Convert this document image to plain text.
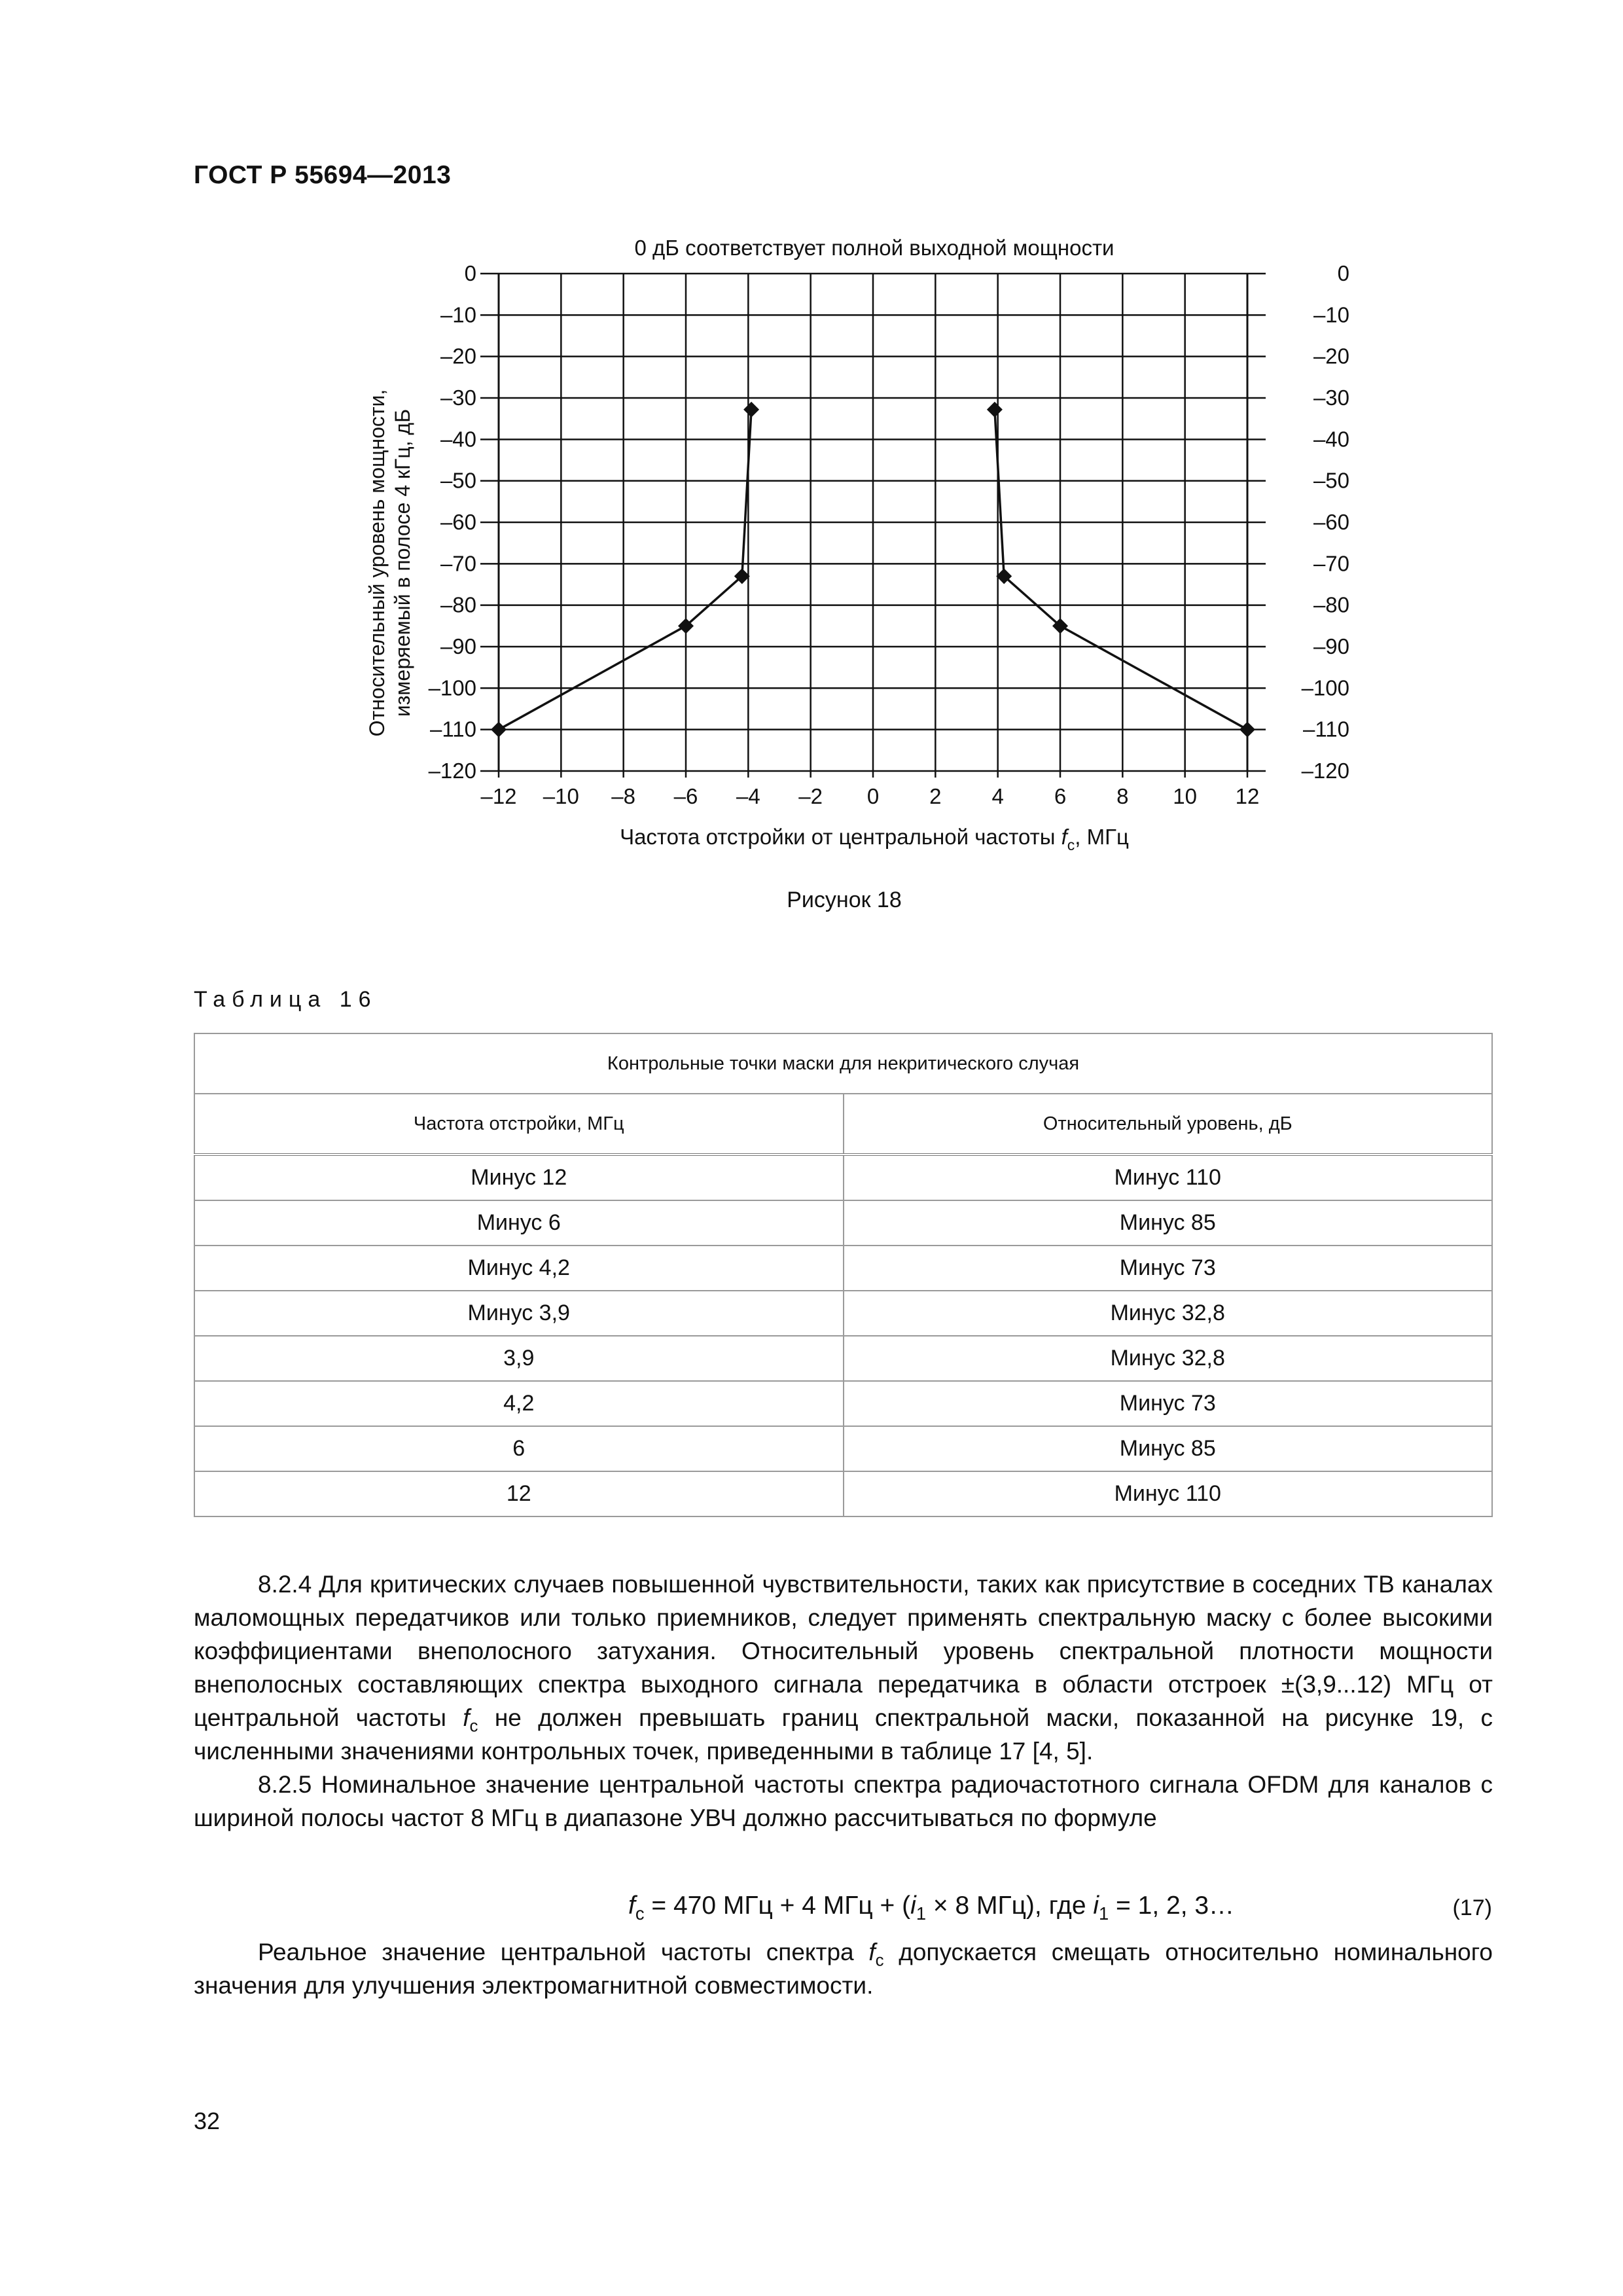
ГОСТ Р 55694—2013
0 дБ соответствует полной выходной мощности
0
–10
–20
–30
–40
–50
–60
–70
–80
–90
–100
–110
–120
0
–10
–20
–30
–40
–50
–60
–70
–80
–90
–100
–110
–120
–12 –10 –8 –6 –4 –2 0 2 4 6 8 10 12
Относительный уровень мощности, измеряемый в полосе 4 кГц, дБ
Частота отстройки от центральной частоты $f_c$, МГц
Рисунок 18
Таблица 16
Контрольные точки маски для некритического случая	
Частота отстройки, МГц	Относительный уровень, дБ
Минус 12	Минус 110
Минус 6	Минус 85
Минус 4,2	Минус 73
Минус 3,9	Минус 32,8
3,9	Минус 32,8
4,2	Минус 73
6	Минус 85
12	Минус 110

8.2.4 Для критических случаев повышенной чувствительности, таких как присутствие в соседних ТВ каналах маломощных передатчиков или только приемников, следует применять спектральную маску с более высокими коэффициентами внеполосного затухания. Относительный уровень спектральной плотности мощности внеполосных составляющих спектра выходного сигнала передатчика в области отстроек ±(3,9...12) МГц от центральной частоты $f_c$ не должен превышать границ спектральной маски, показанной на рисунке 19, с численными значениями контрольных точек, приведенными в таблице 17 [4, 5].

8.2.5 Номинальное значение центральной частоты спектра радиочастотного сигнала OFDM для каналов с шириной полосы частот 8 МГц в диапазоне УВЧ должно рассчитываться по формуле

$f_c = 470$ МГц + 4 МГц + ($i_1 \times 8$ МГц), где $i_1 = 1$, 2, 3…	(17)

Реальное значение центральной частоты спектра $f_c$ допускается смещать относительно номинального значения для улучшения электромагнитной совместимости.

32
